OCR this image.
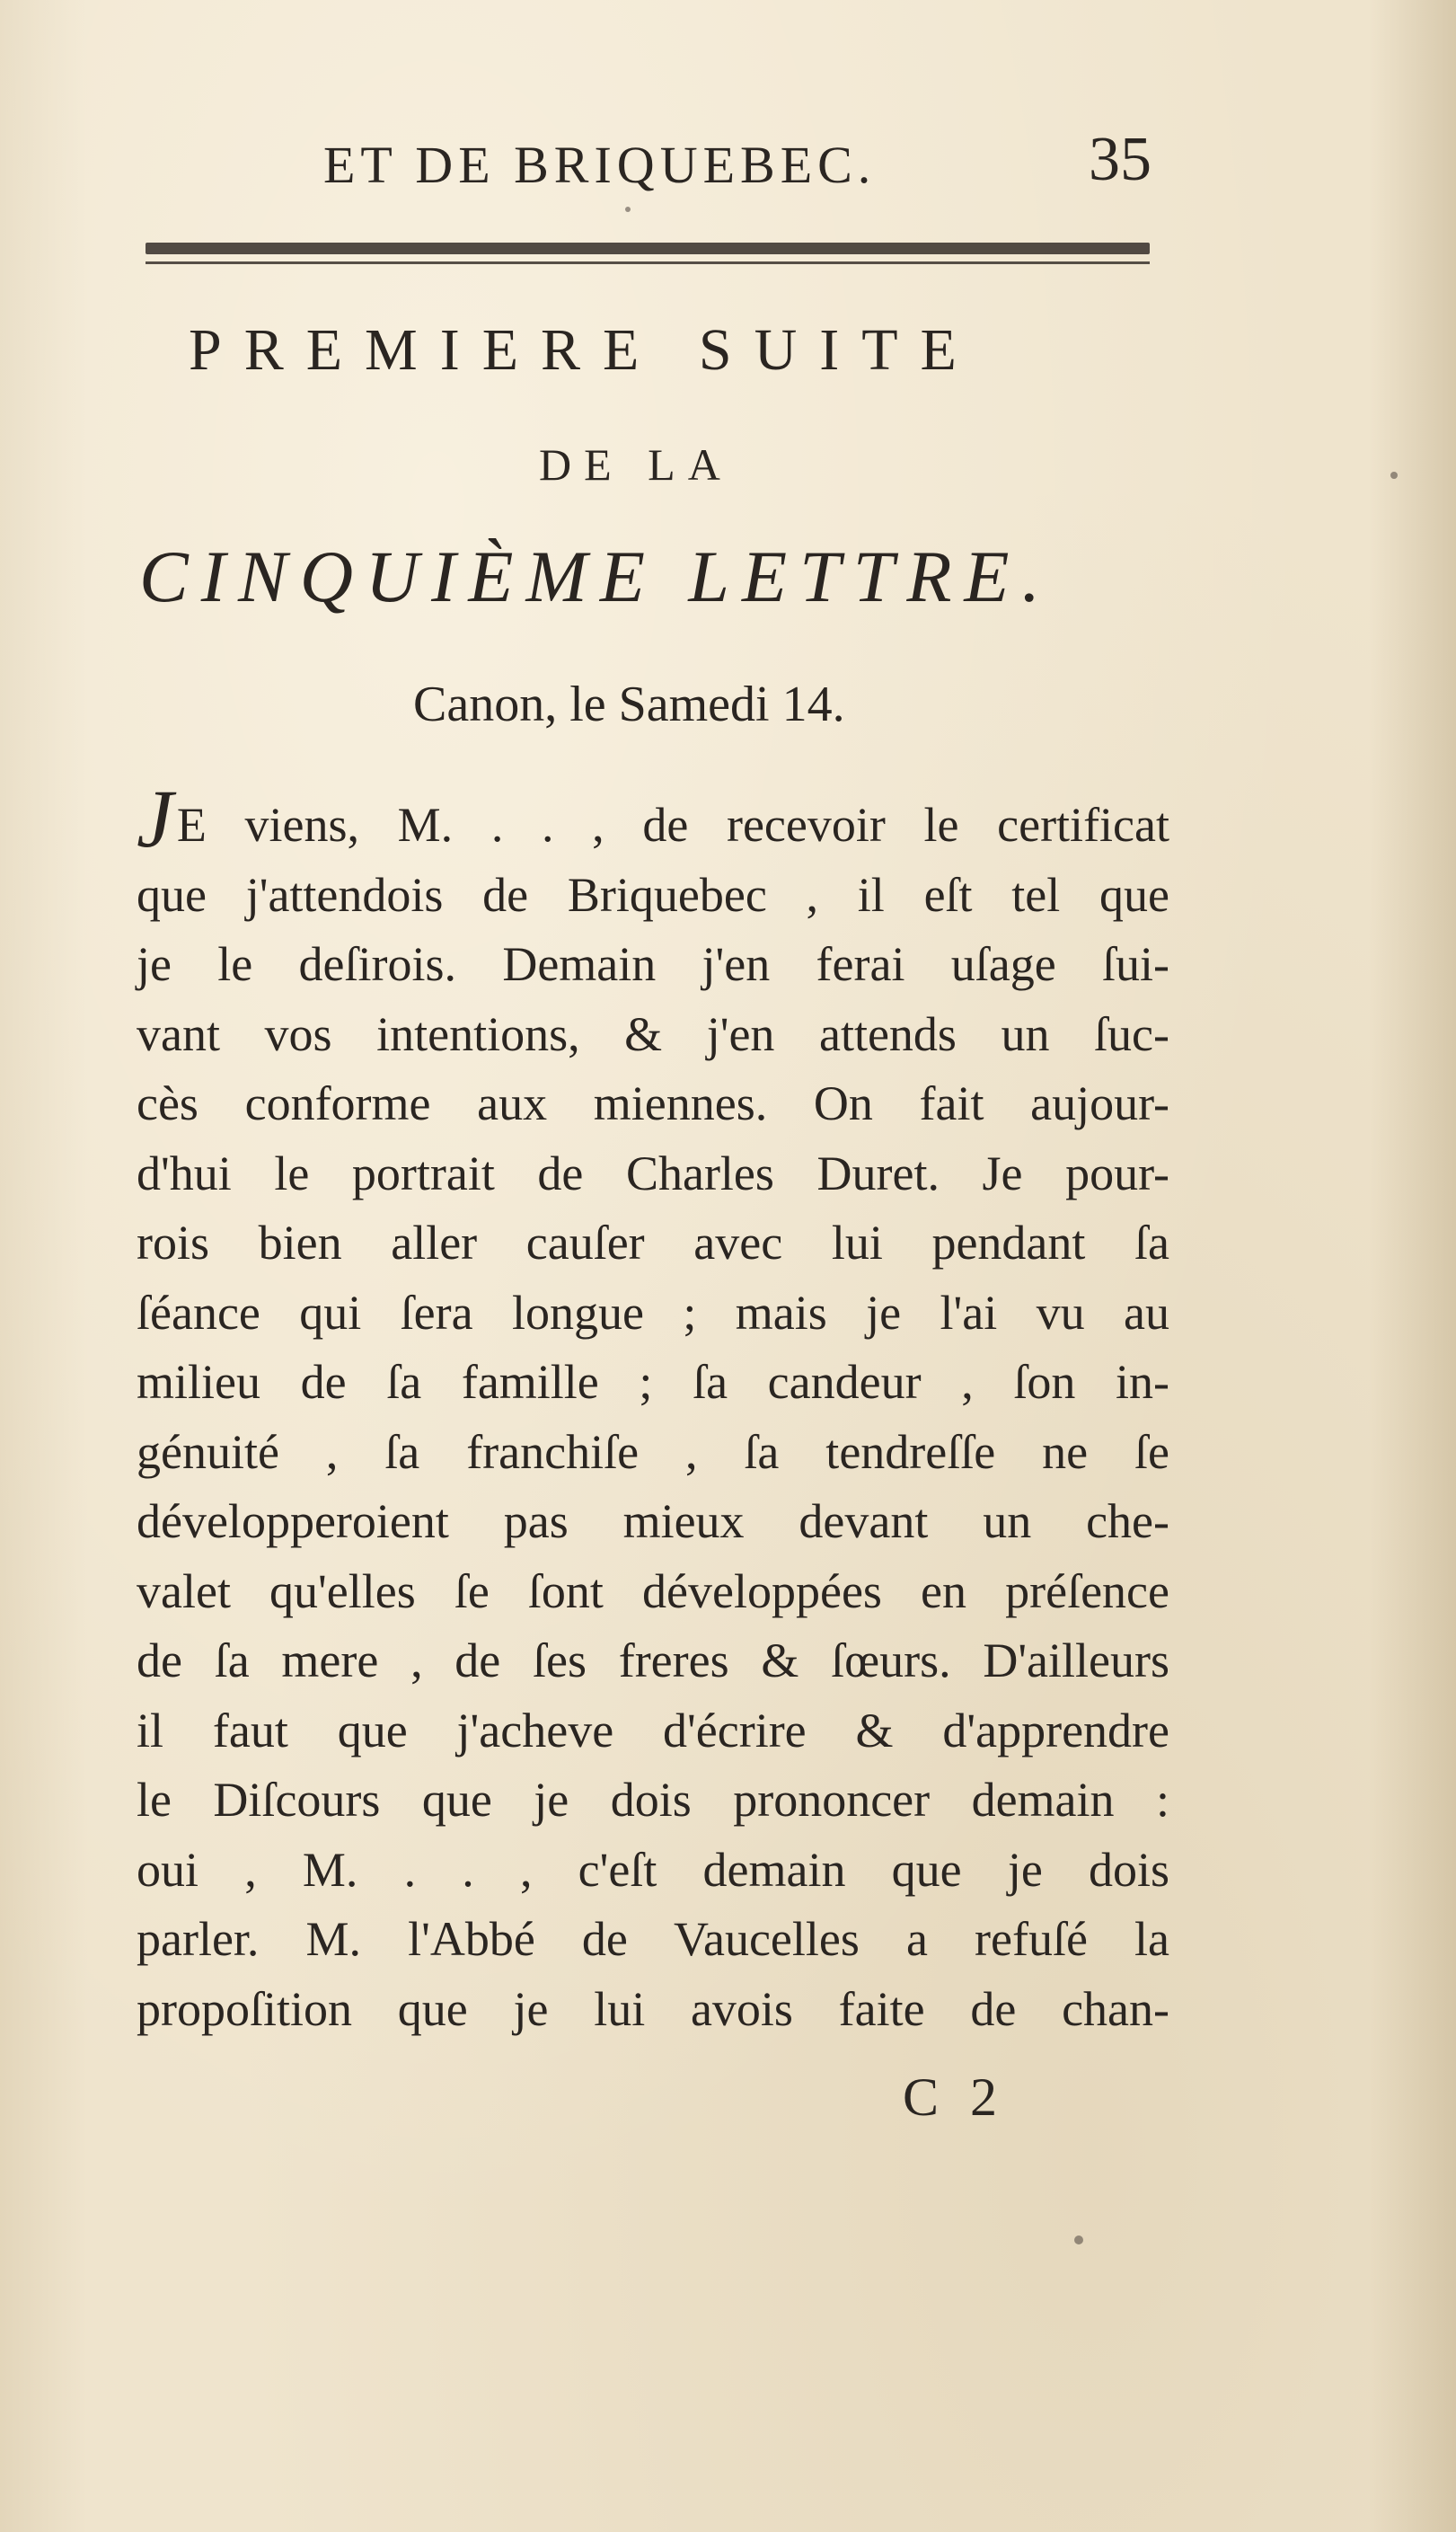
ET DE BRIQUEBEC.	35
PREMIERE SUITE
DE LA
CINQUIÈME LETTRE.
Canon, le Samedi 14.
JE viens, M. . . , de recevoir le certificat
que j'attendois de Briquebec , il eſt tel que
je le deſirois. Demain j'en ferai uſage ſui-
vant vos intentions, & j'en attends un ſuc-
cès conforme aux miennes. On fait aujour-
d'hui le portrait de Charles Duret. Je pour-
rois bien aller cauſer avec lui pendant ſa
ſéance qui ſera longue ; mais je l'ai vu au
milieu de ſa famille ; ſa candeur , ſon in-
génuité , ſa franchiſe , ſa tendreſſe ne ſe
développeroient pas mieux devant un che-
valet qu'elles ſe ſont développées en préſence
de ſa mere , de ſes freres & ſœurs. D'ailleurs
il faut que j'acheve d'écrire & d'apprendre
le Diſcours que je dois prononcer demain :
oui , M. . . , c'eſt demain que je dois
parler. M. l'Abbé de Vaucelles a refuſé la
propoſition que je lui avois faite de chan-
C 2
